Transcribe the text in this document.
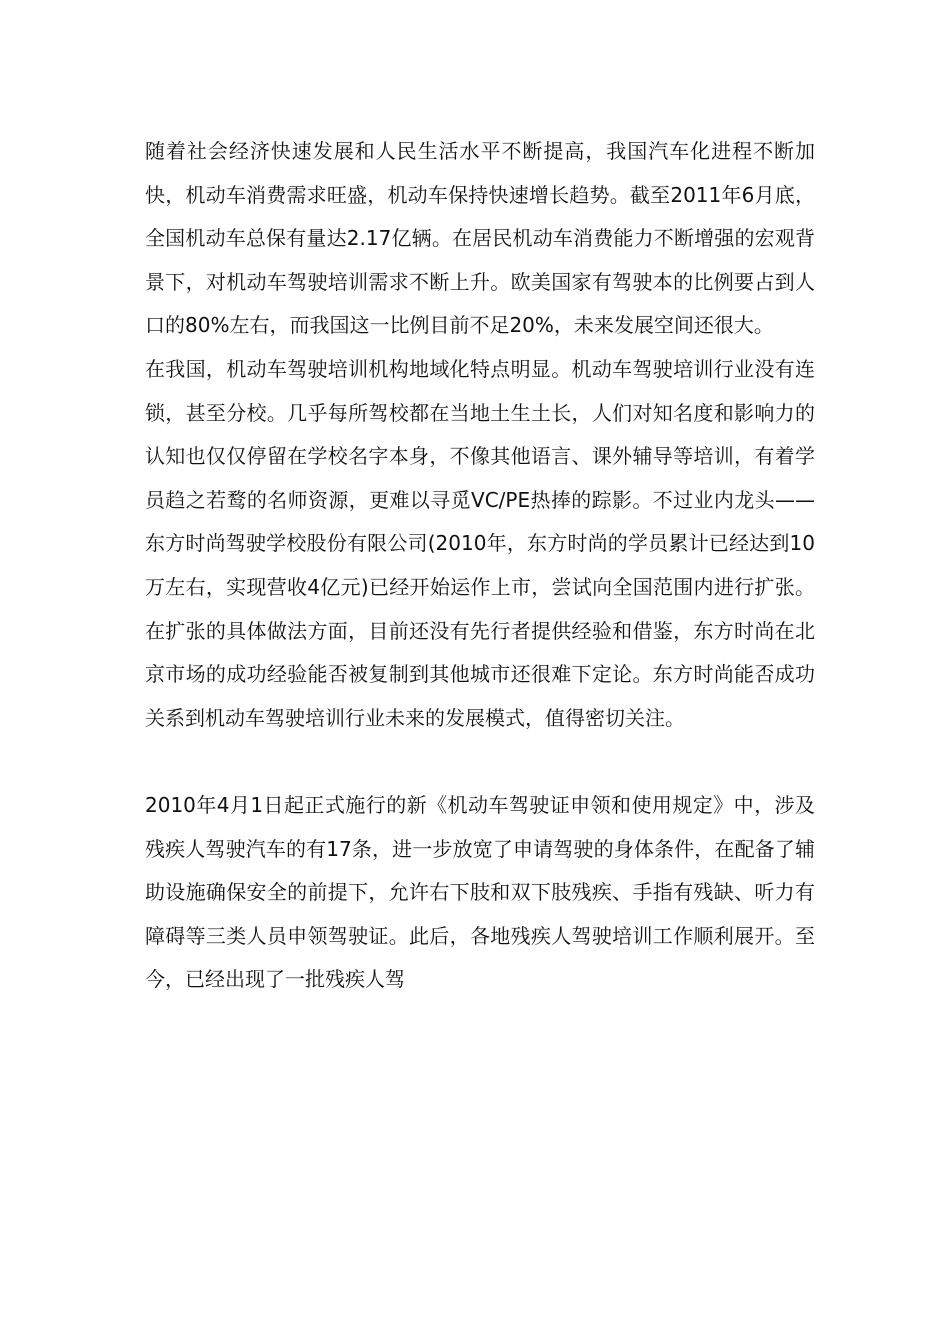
随着社会经济快速发展和人民生活水平不断提高，我国汽车化进程不断加快，机动车消费需求旺盛，机动车保持快速增长趋势。截至2011年6月底，全国机动车总保有量达2.17亿辆。在居民机动车消费能力不断增强的宏观背景下，对机动车驾驶培训需求不断上升。欧美国家有驾驶本的比例要占到人口的80%左右，而我国这一比例目前不足20%，未来发展空间还很大。

在我国，机动车驾驶培训机构地域化特点明显。机动车驾驶培训行业没有连锁，甚至分校。几乎每所驾校都在当地土生土长，人们对知名度和影响力的认知也仅仅停留在学校名字本身，不像其他语言、课外辅导等培训，有着学员趋之若鹜的名师资源，更难以寻觅VC/PE热捧的踪影。不过业内龙头——东方时尚驾驶学校股份有限公司(2010年，东方时尚的学员累计已经达到10万左右，实现营收4亿元)已经开始运作上市，尝试向全国范围内进行扩张。在扩张的具体做法方面，目前还没有先行者提供经验和借鉴，东方时尚在北京市场的成功经验能否被复制到其他城市还很难下定论。东方时尚能否成功关系到机动车驾驶培训行业未来的发展模式，值得密切关注。

2010年4月1日起正式施行的新《机动车驾驶证申领和使用规定》中，涉及残疾人驾驶汽车的有17条，进一步放宽了申请驾驶的身体条件，在配备了辅助设施确保安全的前提下，允许右下肢和双下肢残疾、手指有残缺、听力有障碍等三类人员申领驾驶证。此后，各地残疾人驾驶培训工作顺利展开。至今，已经出现了一批残疾人驾
